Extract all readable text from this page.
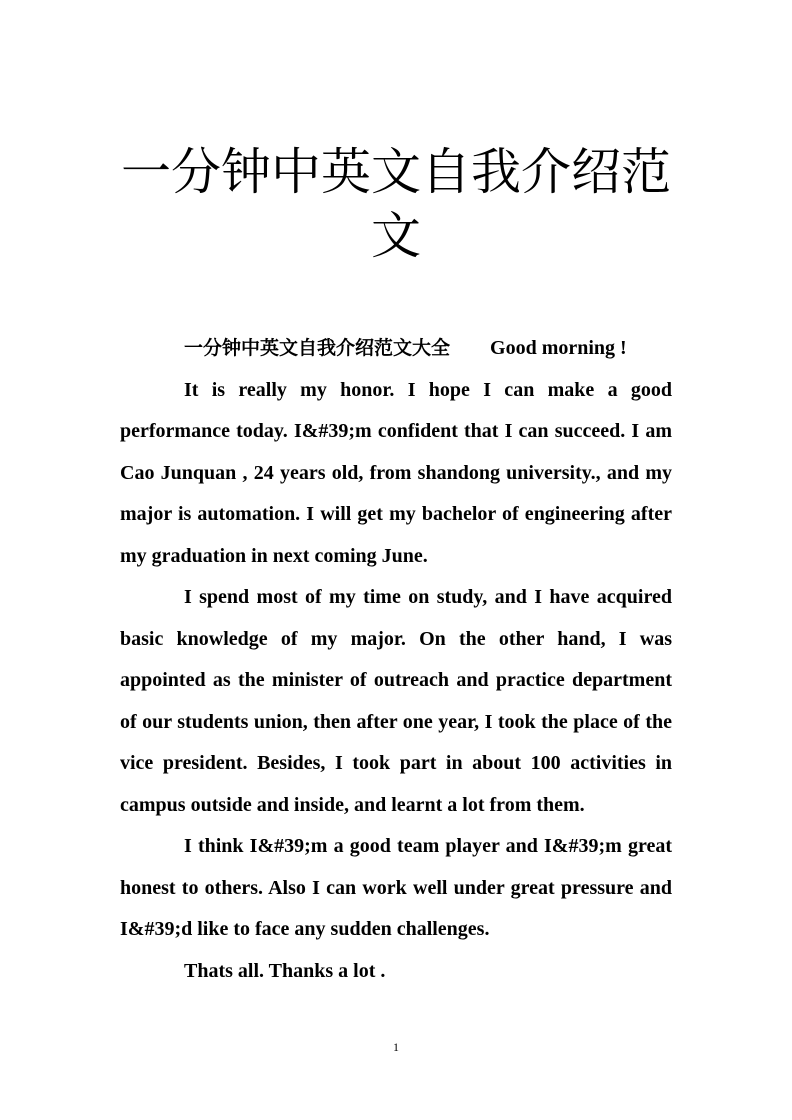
一分钟中英文自我介绍范文
一分钟中英文自我介绍范文大全 Good morning !

It is really my honor. I hope I can make a good performance today. I&#39;m confident that I can succeed. I am Cao Junquan , 24 years old, from shandong university., and my major is automation. I will get my bachelor of engineering after my graduation in next coming June.

I spend most of my time on study, and I have acquired basic knowledge of my major. On the other hand, I was appointed as the minister of outreach and practice department of our students union, then after one year, I took the place of the vice president. Besides, I took part in about 100 activities in campus outside and inside, and learnt a lot from them.

I think I&#39;m a good team player and I&#39;m great honest to others. Also I can work well under great pressure and I&#39;d like to face any sudden challenges.

Thats all. Thanks a lot .

1
